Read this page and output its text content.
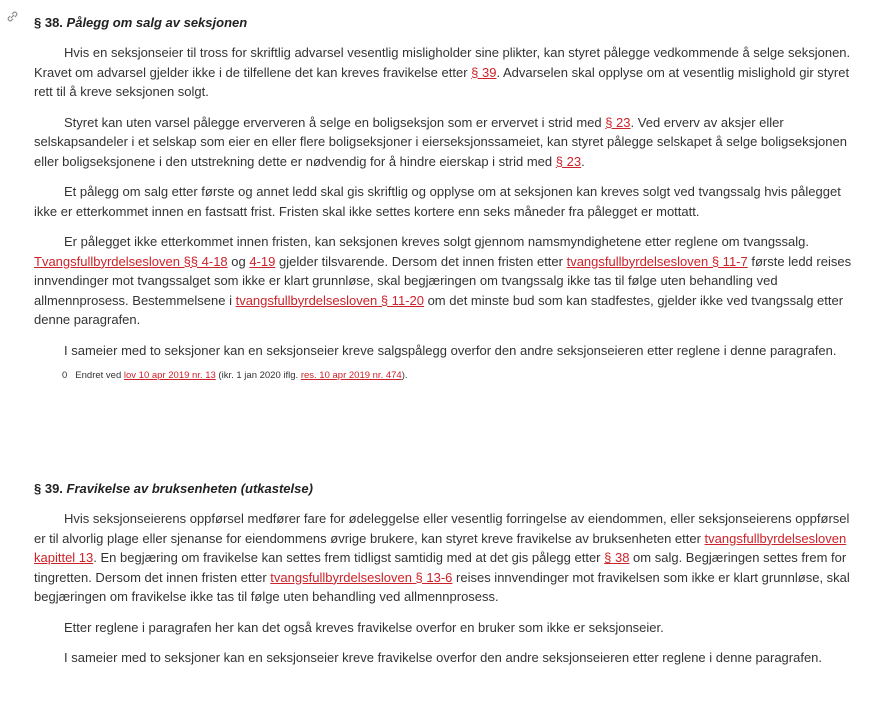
§ 38. Pålegg om salg av seksjonen

Hvis en seksjonseier til tross for skriftlig advarsel vesentlig misligholder sine plikter, kan styret pålegge vedkommende å selge seksjonen. Kravet om advarsel gjelder ikke i de tilfellene det kan kreves fravikelse etter § 39. Advarselen skal opplyse om at vesentlig mislighold gir styret rett til å kreve seksjonen solgt.

Styret kan uten varsel pålegge erververen å selge en boligseksjon som er ervervet i strid med § 23. Ved erverv av aksjer eller selskapsandeler i et selskap som eier en eller flere boligseksjoner i eierseksjonssameiet, kan styret pålegge selskapet å selge boligseksjonen eller boligseksjonene i den utstrekning dette er nødvendig for å hindre eierskap i strid med § 23.

Et pålegg om salg etter første og annet ledd skal gis skriftlig og opplyse om at seksjonen kan kreves solgt ved tvangssalg hvis pålegget ikke er etterkommet innen en fastsatt frist. Fristen skal ikke settes kortere enn seks måneder fra pålegget er mottatt.

Er pålegget ikke etterkommet innen fristen, kan seksjonen kreves solgt gjennom namsmyndighetene etter reglene om tvangssalg. Tvangsfullbyrdelsesloven §§ 4-18 og 4-19 gjelder tilsvarende. Dersom det innen fristen etter tvangsfullbyrdelsesloven § 11-7 første ledd reises innvendinger mot tvangssalget som ikke er klart grunnløse, skal begjæringen om tvangssalg ikke tas til følge uten behandling ved allmennprosess. Bestemmelsene i tvangsfullbyrdelsesloven § 11-20 om det minste bud som kan stadfestes, gjelder ikke ved tvangssalg etter denne paragrafen.

I sameier med to seksjoner kan en seksjonseier kreve salgspålegg overfor den andre seksjonseieren etter reglene i denne paragrafen.

0 Endret ved lov 10 apr 2019 nr. 13 (ikr. 1 jan 2020 iflg. res. 10 apr 2019 nr. 474).
§ 39. Fravikelse av bruksenheten (utkastelse)

Hvis seksjonseierens oppførsel medfører fare for ødeleggelse eller vesentlig forringelse av eiendommen, eller seksjonseierens oppførsel er til alvorlig plage eller sjenanse for eiendommens øvrige brukere, kan styret kreve fravikelse av bruksenheten etter tvangsfullbyrdelsesloven kapittel 13. En begjæring om fravikelse kan settes frem tidligst samtidig med at det gis pålegg etter § 38 om salg. Begjæringen settes frem for tingretten. Dersom det innen fristen etter tvangsfullbyrdelsesloven § 13-6 reises innvendinger mot fravikelsen som ikke er klart grunnløse, skal begjæringen om fravikelse ikke tas til følge uten behandling ved allmennprosess.

Etter reglene i paragrafen her kan det også kreves fravikelse overfor en bruker som ikke er seksjonseier.

I sameier med to seksjoner kan en seksjonseier kreve fravikelse overfor den andre seksjonseieren etter reglene i denne paragrafen.
